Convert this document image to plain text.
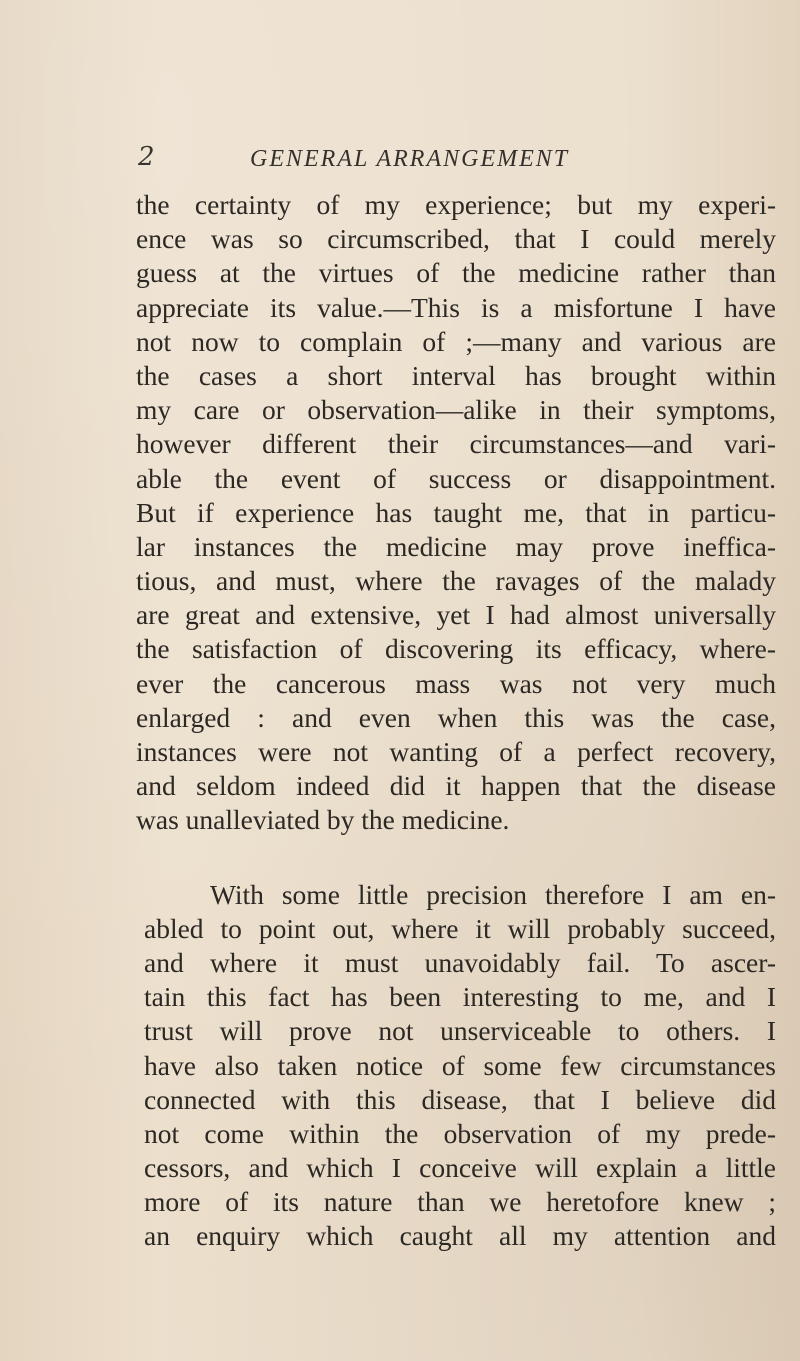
2	GENERAL ARRANGEMENT
the certainty of my experience; but my experi-
ence was so circumscribed, that I could merely
guess at the virtues of the medicine rather than
appreciate its value.—This is a misfortune I have
not now to complain of ;—many and various are
the cases a short interval has brought within
my care or observation—alike in their symptoms,
however different their circumstances—and vari-
able the event of success or disappointment.
But if experience has taught me, that in particu-
lar instances the medicine may prove ineffica-
tious, and must, where the ravages of the malady
are great and extensive, yet I had almost universally
the satisfaction of discovering its efficacy, where-
ever the cancerous mass was not very much
enlarged : and even when this was the case,
instances were not wanting of a perfect recovery,
and seldom indeed did it happen that the disease
was unalleviated by the medicine.
With some little precision therefore I am en-
abled to point out, where it will probably succeed,
and where it must unavoidably fail. To ascer-
tain this fact has been interesting to me, and I
trust will prove not unserviceable to others. I
have also taken notice of some few circumstances
connected with this disease, that I believe did
not come within the observation of my prede-
cessors, and which I conceive will explain a little
more of its nature than we heretofore knew ;
an enquiry which caught all my attention and
